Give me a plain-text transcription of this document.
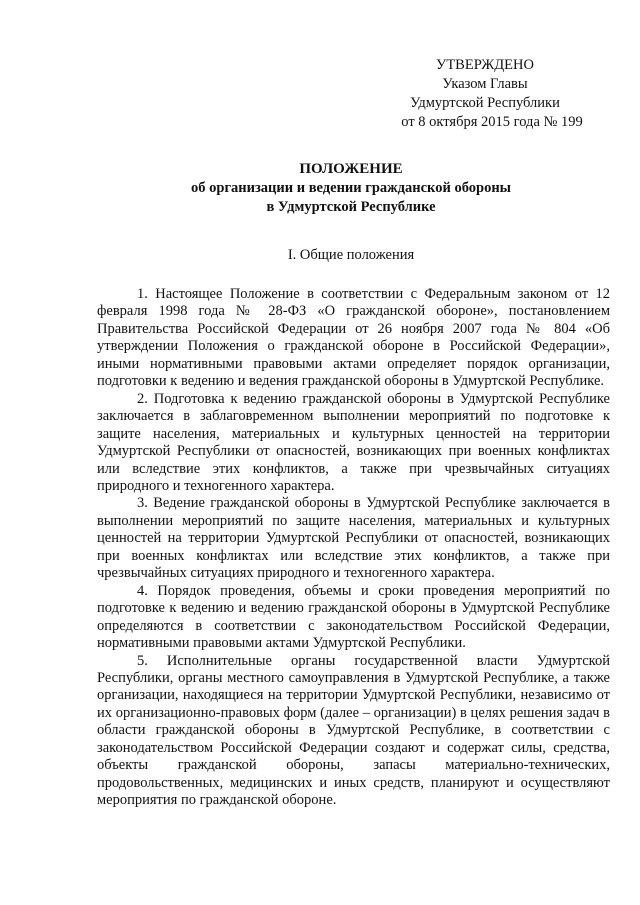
УТВЕРЖДЕНО
Указом Главы
Удмуртской Республики
от 8 октября 2015 года № 199
ПОЛОЖЕНИЕ
об организации и ведении гражданской обороны
в Удмуртской Республике
I. Общие положения

1. Настоящее Положение в соответствии с Федеральным законом от 12 февраля 1998 года № 28-ФЗ «О гражданской обороне», постановлением Правительства Российской Федерации от 26 ноября 2007 года № 804 «Об утверждении Положения о гражданской обороне в Российской Федерации», иными нормативными правовыми актами определяет порядок организации, подготовки к ведению и ведения гражданской обороны в Удмуртской Республике.

2. Подготовка к ведению гражданской обороны в Удмуртской Республике заключается в заблаговременном выполнении мероприятий по подготовке к защите населения, материальных и культурных ценностей на территории Удмуртской Республики от опасностей, возникающих при военных конфликтах или вследствие этих конфликтов, а также при чрезвычайных ситуациях природного и техногенного характера.

3. Ведение гражданской обороны в Удмуртской Республике заключается в выполнении мероприятий по защите населения, материальных и культурных ценностей на территории Удмуртской Республики от опасностей, возникающих при военных конфликтах или вследствие этих конфликтов, а также при чрезвычайных ситуациях природного и техногенного характера.

4. Порядок проведения, объемы и сроки проведения мероприятий по подготовке к ведению и ведению гражданской обороны в Удмуртской Республике определяются в соответствии с законодательством Российской Федерации, нормативными правовыми актами Удмуртской Республики.

5. Исполнительные органы государственной власти Удмуртской Республики, органы местного самоуправления в Удмуртской Республике, а также организации, находящиеся на территории Удмуртской Республики, независимо от их организационно-правовых форм (далее – организации) в целях решения задач в области гражданской обороны в Удмуртской Республике, в соответствии с законодательством Российской Федерации создают и содержат силы, средства, объекты гражданской обороны, запасы материально-технических, продовольственных, медицинских и иных средств, планируют и осуществляют мероприятия по гражданской обороне.
